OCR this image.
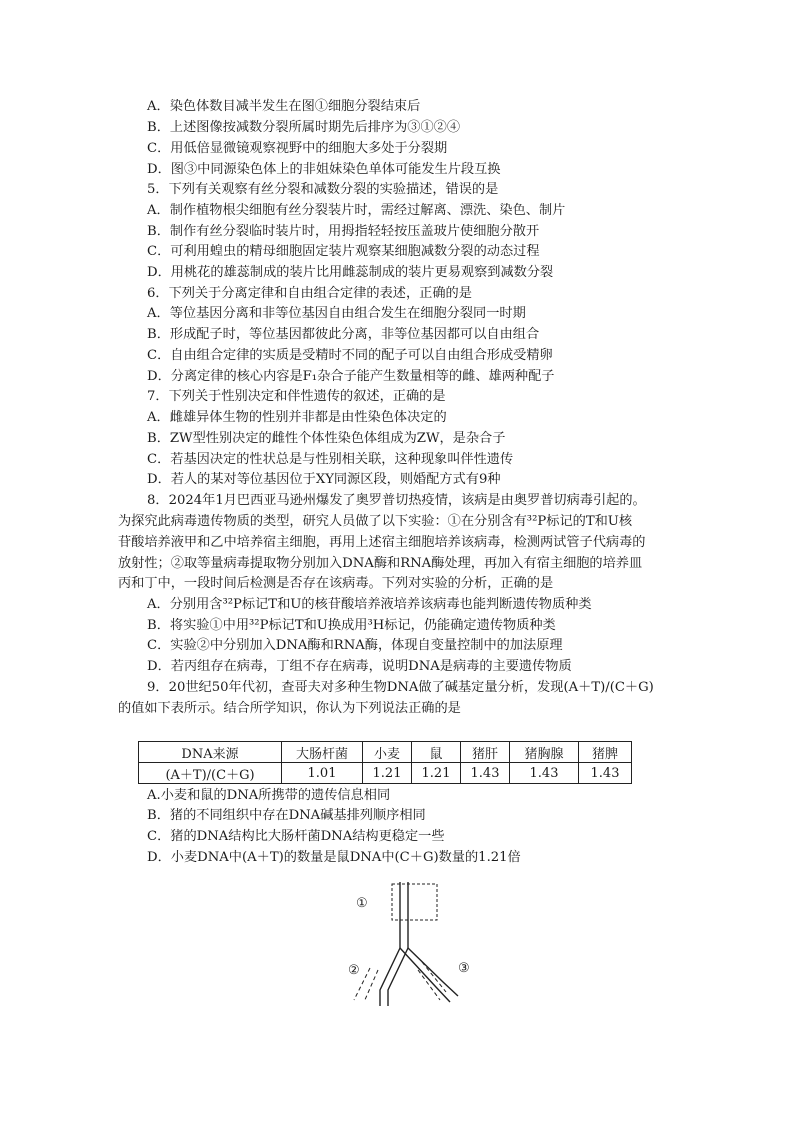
A．染色体数目减半发生在图①细胞分裂结束后
B．上述图像按减数分裂所属时期先后排序为③①②④
C．用低倍显微镜观察视野中的细胞大多处于分裂期
D．图③中同源染色体上的非姐妹染色单体可能发生片段互换
5．下列有关观察有丝分裂和减数分裂的实验描述，错误的是
A．制作植物根尖细胞有丝分裂装片时，需经过解离、漂洗、染色、制片
B．制作有丝分裂临时装片时，用拇指轻轻按压盖玻片使细胞分散开
C．可利用蝗虫的精母细胞固定装片观察某细胞减数分裂的动态过程
D．用桃花的雄蕊制成的装片比用雌蕊制成的装片更易观察到减数分裂
6．下列关于分离定律和自由组合定律的表述，正确的是
A．等位基因分离和非等位基因自由组合发生在细胞分裂同一时期
B．形成配子时，等位基因都彼此分离，非等位基因都可以自由组合
C．自由组合定律的实质是受精时不同的配子可以自由组合形成受精卵
D．分离定律的核心内容是F₁杂合子能产生数量相等的雌、雄两种配子
7．下列关于性别决定和伴性遗传的叙述，正确的是
A．雌雄异体生物的性别并非都是由性染色体决定的
B．ZW型性别决定的雌性个体性染色体组成为ZW，是杂合子
C．若基因决定的性状总是与性别相关联，这种现象叫伴性遗传
D．若人的某对等位基因位于XY同源区段，则婚配方式有9种
8．2024年1月巴西亚马逊州爆发了奥罗普切热疫情，该病是由奥罗普切病毒引起的。
为探究此病毒遗传物质的类型，研究人员做了以下实验：①在分别含有³²P标记的T和U核
苷酸培养液甲和乙中培养宿主细胞，再用上述宿主细胞培养该病毒，检测两试管子代病毒的
放射性；②取等量病毒提取物分别加入DNA酶和RNA酶处理，再加入有宿主细胞的培养皿
丙和丁中，一段时间后检测是否存在该病毒。下列对实验的分析，正确的是
A．分别用含³²P标记T和U的核苷酸培养液培养该病毒也能判断遗传物质种类
B．将实验①中用³²P标记T和U换成用³H标记，仍能确定遗传物质种类
C．实验②中分别加入DNA酶和RNA酶，体现自变量控制中的加法原理
D．若丙组存在病毒，丁组不存在病毒，说明DNA是病毒的主要遗传物质
9．20世纪50年代初，查哥夫对多种生物DNA做了碱基定量分析，发现(A＋T)/(C＋G)
的值如下表所示。结合所学知识，你认为下列说法正确的是
DNA来源	大肠杆菌	小麦	鼠	猪肝	猪胸腺	猪脾
(A＋T)/(C＋G)	1.01	1.21	1.21	1.43	1.43	1.43
A.小麦和鼠的DNA所携带的遗传信息相同
B．猪的不同组织中存在DNA碱基排列顺序相同
C．猪的DNA结构比大肠杆菌DNA结构更稳定一些
D．小麦DNA中(A＋T)的数量是鼠DNA中(C＋G)数量的1.21倍
①
②	③
